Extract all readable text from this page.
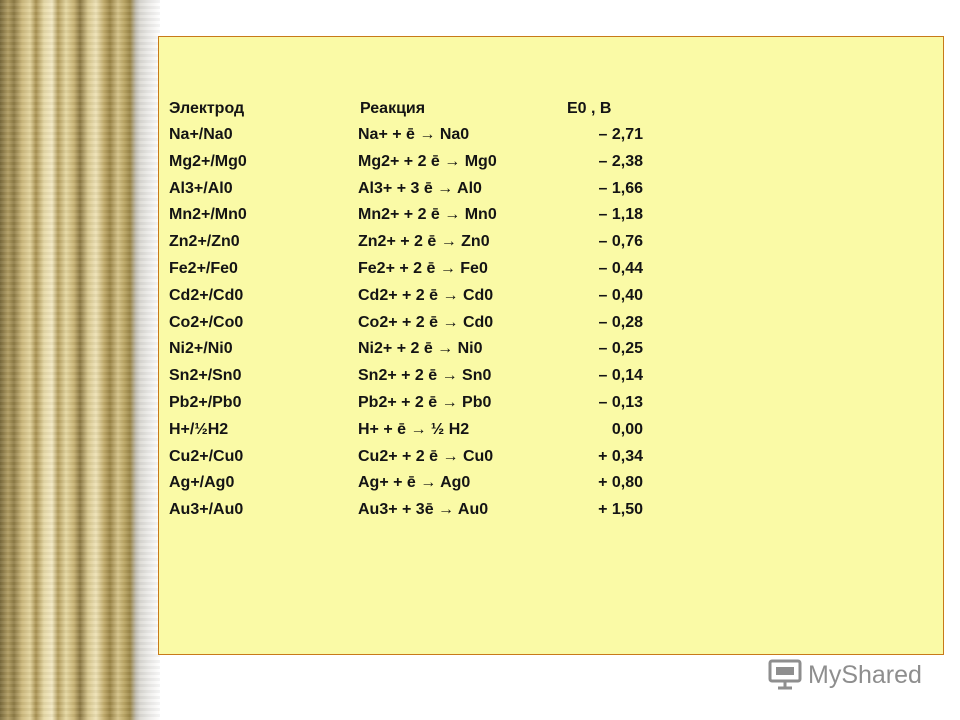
Электрод	Реакция	E0 , B
Na+/Na0	Na+ + ē → Na0	– 2,71
Mg2+/Mg0	Mg2+ + 2 ē → Mg0	– 2,38
Al3+/Al0	Al3+ + 3 ē → Al0	– 1,66
Mn2+/Mn0	Mn2+ + 2 ē → Mn0	– 1,18
Zn2+/Zn0	Zn2+ + 2 ē → Zn0	– 0,76
Fe2+/Fe0	Fe2+ + 2 ē → Fe0	– 0,44
Cd2+/Cd0	Cd2+ + 2 ē → Cd0	– 0,40
Co2+/Co0	Co2+ + 2 ē → Cd0	– 0,28
Ni2+/Ni0	Ni2+ + 2 ē → Ni0	– 0,25
Sn2+/Sn0	Sn2+ + 2 ē → Sn0	– 0,14
Pb2+/Pb0	Pb2+ + 2 ē → Pb0	– 0,13
H+/½H2	H+ + ē → ½ H2	0,00
Cu2+/Cu0	Cu2+ + 2 ē → Cu0	+ 0,34
Ag+/Ag0	Ag+ + ē → Ag0	+ 0,80
Au3+/Au0	Au3+ + 3ē → Au0	+ 1,50
MyShared
